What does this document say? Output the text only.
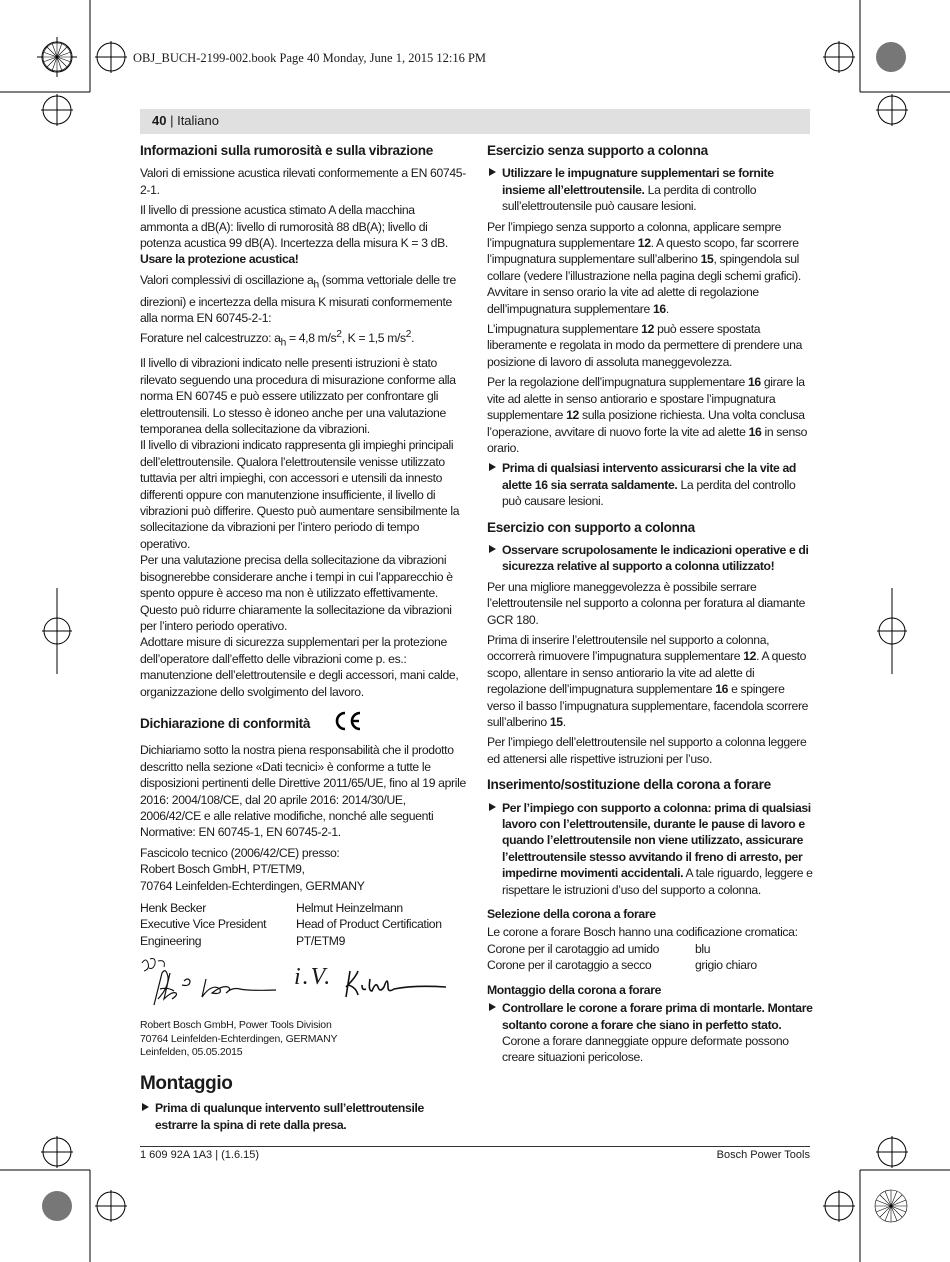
OBJ_BUCH-2199-002.book Page 40 Monday, June 1, 2015 12:16 PM
40 | Italiano
Informazioni sulla rumorosità e sulla vibrazione

Valori di emissione acustica rilevati conformemente a EN 60745-2-1.

Il livello di pressione acustica stimato A della macchina ammonta a dB(A): livello di rumorosità 88 dB(A); livello di potenza acustica 99 dB(A). Incertezza della misura K = 3 dB.
Usare la protezione acustica!

Valori complessivi di oscillazione $a_h$ (somma vettoriale delle tre direzioni) e incertezza della misura K misurati conformemente alla norma EN 60745-2-1:
Forature nel calcestruzzo: $a_h = 4,8$ $m/s^2$, K = 1,5 $m/s^2$.

Il livello di vibrazioni indicato nelle presenti istruzioni è stato rilevato seguendo una procedura di misurazione conforme alla norma EN 60745 e può essere utilizzato per confrontare gli elettroutensili. Lo stesso è idoneo anche per una valutazione temporanea della sollecitazione da vibrazioni.

Il livello di vibrazioni indicato rappresenta gli impieghi principali dell’elettroutensile. Qualora l’elettroutensile venisse utilizzato tuttavia per altri impieghi, con accessori e utensili da innesto differenti oppure con manutenzione insufficiente, il livello di vibrazioni può differire. Questo può aumentare sensibilmente la sollecitazione da vibrazioni per l’intero periodo di tempo operativo.

Per una valutazione precisa della sollecitazione da vibrazioni bisognerebbe considerare anche i tempi in cui l’apparecchio è spento oppure è acceso ma non è utilizzato effettivamente. Questo può ridurre chiaramente la sollecitazione da vibrazioni per l’intero periodo operativo.

Adottare misure di sicurezza supplementari per la protezione dell’operatore dall’effetto delle vibrazioni come p. es.: manutenzione dell’elettroutensile e degli accessori, mani calde, organizzazione dello svolgimento del lavoro.

Dichiarazione di conformità

Dichiariamo sotto la nostra piena responsabilità che il prodotto descritto nella sezione «Dati tecnici» è conforme a tutte le disposizioni pertinenti delle Direttive 2011/65/UE, fino al 19 aprile 2016: 2004/108/CE, dal 20 aprile 2016: 2014/30/UE, 2006/42/CE e alle relative modifiche, nonché alle seguenti Normative: EN 60745-1, EN 60745-2-1.

Fascicolo tecnico (2006/42/CE) presso:
Robert Bosch GmbH, PT/ETM9,
70764 Leinfelden-Echterdingen, GERMANY

Henk Becker	Helmut Heinzelmann
Executive Vice President	Head of Product Certification
Engineering	PT/ETM9
i.V.
Robert Bosch GmbH, Power Tools Division
70764 Leinfelden-Echterdingen, GERMANY
Leinfelden, 05.05.2015
Montaggio
Prima di qualunque intervento sull’elettroutensile estrarre la spina di rete dalla presa.
Esercizio senza supporto a colonna
Utilizzare le impugnature supplementari se fornite insieme all’elettroutensile. La perdita di controllo sull’elettroutensile può causare lesioni.

Per l’impiego senza supporto a colonna, applicare sempre l’impugnatura supplementare 12. A questo scopo, far scorrere l’impugnatura supplementare sull’alberino 15, spingendola sul collare (vedere l’illustrazione nella pagina degli schemi grafici). Avvitare in senso orario la vite ad alette di regolazione dell’impugnatura supplementare 16.

L’impugnatura supplementare 12 può essere spostata liberamente e regolata in modo da permettere di prendere una posizione di lavoro di assoluta maneggevolezza.

Per la regolazione dell’impugnatura supplementare 16 girare la vite ad alette in senso antiorario e spostare l’impugnatura supplementare 12 sulla posizione richiesta. Una volta conclusa l’operazione, avvitare di nuovo forte la vite ad alette 16 in senso orario.

Prima di qualsiasi intervento assicurarsi che la vite ad alette 16 sia serrata saldamente. La perdita del controllo può causare lesioni.
Esercizio con supporto a colonna
Osservare scrupolosamente le indicazioni operative e di sicurezza relative al supporto a colonna utilizzato!

Per una migliore maneggevolezza è possibile serrare l’elettroutensile nel supporto a colonna per foratura al diamante GCR 180.

Prima di inserire l’elettroutensile nel supporto a colonna, occorrerà rimuovere l’impugnatura supplementare 12. A questo scopo, allentare in senso antiorario la vite ad alette di regolazione dell’impugnatura supplementare 16 e spingere verso il basso l’impugnatura supplementare, facendola scorrere sull’alberino 15.

Per l’impiego dell’elettroutensile nel supporto a colonna leggere ed attenersi alle rispettive istruzioni per l’uso.

Inserimento/sostituzione della corona a forare
Per l’impiego con supporto a colonna: prima di qualsiasi lavoro con l’elettroutensile, durante le pause di lavoro e quando l’elettroutensile non viene utilizzato, assicurare l’elettroutensile stesso avvitando il freno di arresto, per impedirne movimenti accidentali. A tale riguardo, leggere e rispettare le istruzioni d’uso del supporto a colonna.
Selezione della corona a forare

Le corone a forare Bosch hanno una codificazione cromatica:

Corone per il carotaggio ad umido	blu
Corone per il carotaggio a secco	grigio chiaro
Montaggio della corona a forare
Controllare le corone a forare prima di montarle. Montare soltanto corone a forare che siano in perfetto stato. Corone a forare danneggiate oppure deformate possono creare situazioni pericolose.
1 609 92A 1A3 | (1.6.15)	Bosch Power Tools
